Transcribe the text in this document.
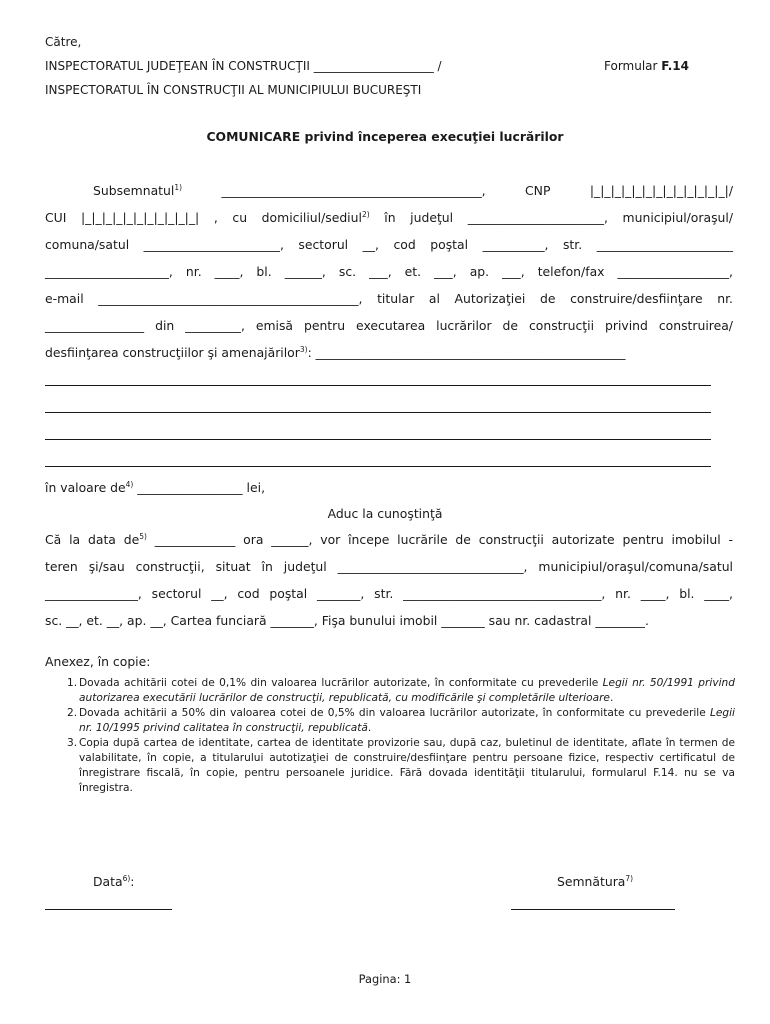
Către,
INSPECTORATUL JUDEŢEAN ÎN CONSTRUCŢII ____________________ /	Formular F.14
INSPECTORATUL ÎN CONSTRUCŢII AL MUNICIPIULUI BUCUREŞTI
COMUNICARE privind începerea execuţiei lucrărilor
Subsemnatul$^{1)}$ __________________________________________, CNP |_|_|_|_|_|_|_|_|_|_|_|_|_|/
CUI |_|_|_|_|_|_|_|_|_|_|_| , cu domiciliul/sediul$^{2)}$ în judeţul ______________________, municipiul/oraşul/
comuna/satul ______________________, sectorul __, cod poştal __________, str. ______________________
____________________, nr. ____, bl. ______, sc. ___, et. ___, ap. ___, telefon/fax __________________,
e-mail __________________________________________, titular al Autorizaţiei de construire/desfiinţare nr.
________________ din _________, emisă pentru executarea lucrărilor de construcţii privind construirea/
desfiinţarea construcţiilor şi amenajărilor$^{3)}$: __________________________________________________
în valoare $de^{4)}$ _________________ lei,
Aduc la cunoştinţă
Că la data $de^{5)}$ _____________ ora ______, vor începe lucrările de construcţii autorizate pentru imobilul -
teren şi/sau construcţii, situat în judeţul ______________________________, municipiul/oraşul/comuna/satul
_______________, sectorul __, cod poştal _______, str. ________________________________, nr. ____, bl. ____,
sc. __, et. __, ap. __, Cartea funciară _______, Fişa bunului imobil _______ sau nr. cadastral ________.
Anexez, în copie:
1. Dovada achitării cotei de 0,1% din valoarea lucrărilor autorizate, în conformitate cu prevederile Legii nr. 50/1991 privind autorizarea executării lucrărilor de construcţii, republicată, cu modificările şi completările ulterioare.
2. Dovada achitării a 50% din valoarea cotei de 0,5% din valoarea lucrărilor autorizate, în conformitate cu prevederile Legii nr. 10/1995 privind calitatea în construcţii, republicată.
3. Copia după cartea de identitate, cartea de identitate provizorie sau, după caz, buletinul de identitate, aflate în termen de valabilitate, în copie, a titularului autotizaţiei de construire/desfiinţare pentru persoane fizice, respectiv certificatul de înregistrare fiscală, în copie, pentru persoanele juridice. Fără dovada identităţii titularului, formularul F.14. nu se va înregistra.
Data$^{6)}$:	Semnătura$^{7)}$
Pagina: 1
